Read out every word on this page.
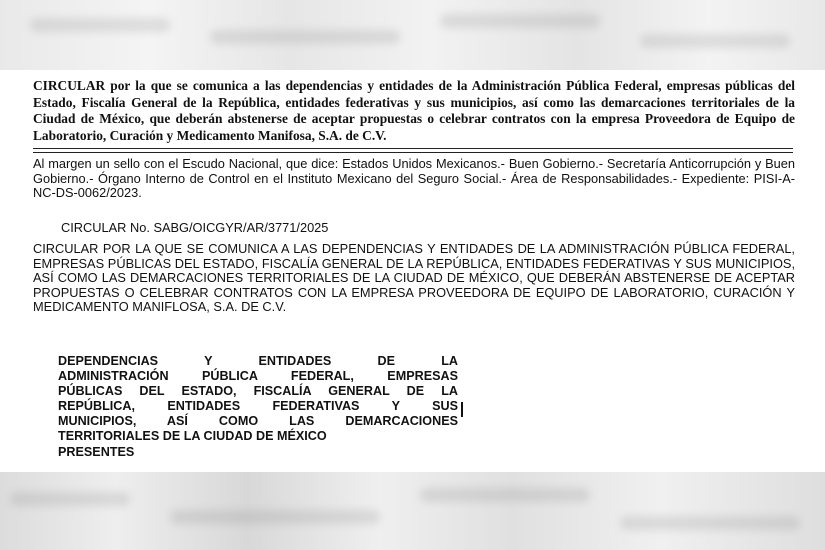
CIRCULAR por la que se comunica a las dependencias y entidades de la Administración Pública Federal, empresas públicas del Estado, Fiscalía General de la República, entidades federativas y sus municipios, así como las demarcaciones territoriales de la Ciudad de México, que deberán abstenerse de aceptar propuestas o celebrar contratos con la empresa Proveedora de Equipo de Laboratorio, Curación y Medicamento Manifosa, S.A. de C.V.

Al margen un sello con el Escudo Nacional, que dice: Estados Unidos Mexicanos.- Buen Gobierno.- Secretaría Anticorrupción y Buen Gobierno.- Órgano Interno de Control en el Instituto Mexicano del Seguro Social.- Área de Responsabilidades.- Expediente: PISI-A-NC-DS-0062/2023.

CIRCULAR No. SABG/OICGYR/AR/3771/2025

CIRCULAR POR LA QUE SE COMUNICA A LAS DEPENDENCIAS Y ENTIDADES DE LA ADMINISTRACIÓN PÚBLICA FEDERAL, EMPRESAS PÚBLICAS DEL ESTADO, FISCALÍA GENERAL DE LA REPÚBLICA, ENTIDADES FEDERATIVAS Y SUS MUNICIPIOS, ASÍ COMO LAS DEMARCACIONES TERRITORIALES DE LA CIUDAD DE MÉXICO, QUE DEBERÁN ABSTENERSE DE ACEPTAR PROPUESTAS O CELEBRAR CONTRATOS CON LA EMPRESA PROVEEDORA DE EQUIPO DE LABORATORIO, CURACIÓN Y MEDICAMENTO MANIFLOSA, S.A. DE C.V.

DEPENDENCIAS Y ENTIDADES DE LA
ADMINISTRACIÓN PÚBLICA FEDERAL, EMPRESAS
PÚBLICAS DEL ESTADO, FISCALÍA GENERAL DE LA
REPÚBLICA, ENTIDADES FEDERATIVAS Y SUS
MUNICIPIOS, ASÍ COMO LAS DEMARCACIONES
TERRITORIALES DE LA CIUDAD DE MÉXICO
PRESENTES
